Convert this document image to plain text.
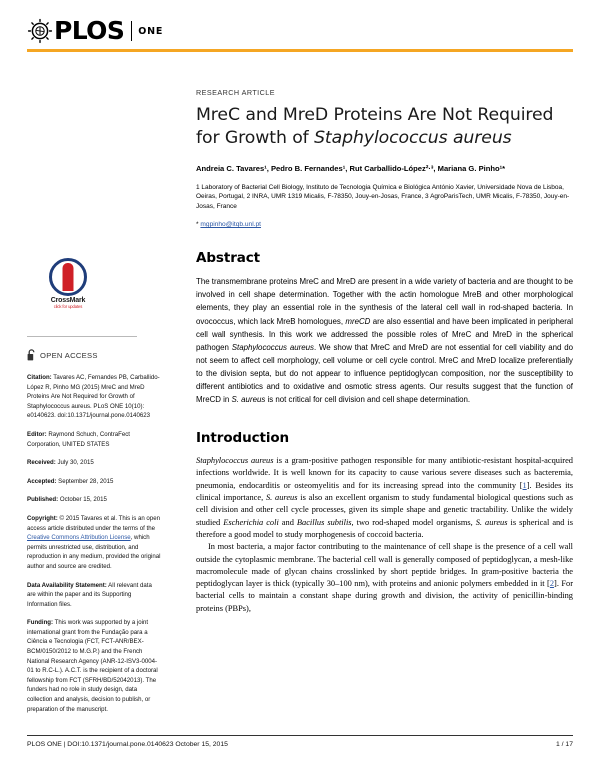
PLOS ONE
CrossMark
click for updates
OPEN ACCESS
Citation: Tavares AC, Fernandes PB, Carballido-López R, Pinho MG (2015) MreC and MreD Proteins Are Not Required for Growth of Staphylococcus aureus. PLoS ONE 10(10): e0140623. doi:10.1371/journal.pone.0140623
Editor: Raymond Schuch, ContraFect Corporation, UNITED STATES
Received: July 30, 2015
Accepted: September 28, 2015
Published: October 15, 2015
Copyright: © 2015 Tavares et al. This is an open access article distributed under the terms of the Creative Commons Attribution License, which permits unrestricted use, distribution, and reproduction in any medium, provided the original author and source are credited.
Data Availability Statement: All relevant data are within the paper and its Supporting Information files.
Funding: This work was supported by a joint international grant from the Fundação para a Ciência e Tecnologia (FCT, FCT-ANR/BEX-BCM/0150/2012 to M.G.P.) and the French National Research Agency (ANR-12-ISV3-0004-01 to R.C-L.). A.C.T. is the recipient of a doctoral fellowship from FCT (SFRH/BD/52042013). The funders had no role in study design, data collection and analysis, decision to publish, or preparation of the manuscript.
RESEARCH ARTICLE
MreC and MreD Proteins Are Not Required for Growth of Staphylococcus aureus
Andreia C. Tavares¹, Pedro B. Fernandes¹, Rut Carballido-López²·³, Mariana G. Pinho¹*
1 Laboratory of Bacterial Cell Biology, Instituto de Tecnologia Química e Biológica António Xavier, Universidade Nova de Lisboa, Oeiras, Portugal, 2 INRA, UMR 1319 Micalis, F-78350, Jouy-en-Josas, France, 3 AgroParisTech, UMR Micalis, F-78350, Jouy-en-Josas, France
* mgpinho@itqb.unl.pt
Abstract
The transmembrane proteins MreC and MreD are present in a wide variety of bacteria and are thought to be involved in cell shape determination. Together with the actin homologue MreB and other morphological elements, they play an essential role in the synthesis of the lateral cell wall in rod-shaped bacteria. In ovococcus, which lack MreB homologues, mreCD are also essential and have been implicated in peripheral cell wall synthesis. In this work we addressed the possible roles of MreC and MreD in the spherical pathogen Staphylococcus aureus. We show that MreC and MreD are not essential for cell viability and do not seem to affect cell morphology, cell volume or cell cycle control. MreC and MreD localize preferentially to the division septa, but do not appear to influence peptidoglycan composition, nor the susceptibility to different antibiotics and to oxidative and osmotic stress agents. Our results suggest that the function of MreCD in S. aureus is not critical for cell division and cell shape determination.
Introduction

Staphylococcus aureus is a gram-positive pathogen responsible for many antibiotic-resistant hospital-acquired infections worldwide. It is well known for its capacity to cause various severe diseases such as bacteremia, pneumonia, endocarditis or osteomyelitis and for its increasing spread into the community [1]. Besides its clinical importance, S. aureus is also an excellent organism to study fundamental biological questions such as cell division and other cell cycle processes, given its simple shape and genetic tractability. Unlike the widely studied Escherichia coli and Bacillus subtilis, two rod-shaped model organisms, S. aureus is spherical and is therefore a good model to study morphogenesis of coccoid bacteria.

In most bacteria, a major factor contributing to the maintenance of cell shape is the presence of a cell wall outside the cytoplasmic membrane. The bacterial cell wall is generally composed of peptidoglycan, a mesh-like macromolecule made of glycan chains crosslinked by short peptide bridges. In gram-positive bacteria the peptidoglycan layer is thick (typically 30–100 nm), with proteins and anionic polymers embedded in it [2]. For bacterial cells to maintain a constant shape during growth and division, the activity of penicillin-binding proteins (PBPs),

PLOS ONE | DOI:10.1371/journal.pone.0140623 October 15, 2015	1 / 17
